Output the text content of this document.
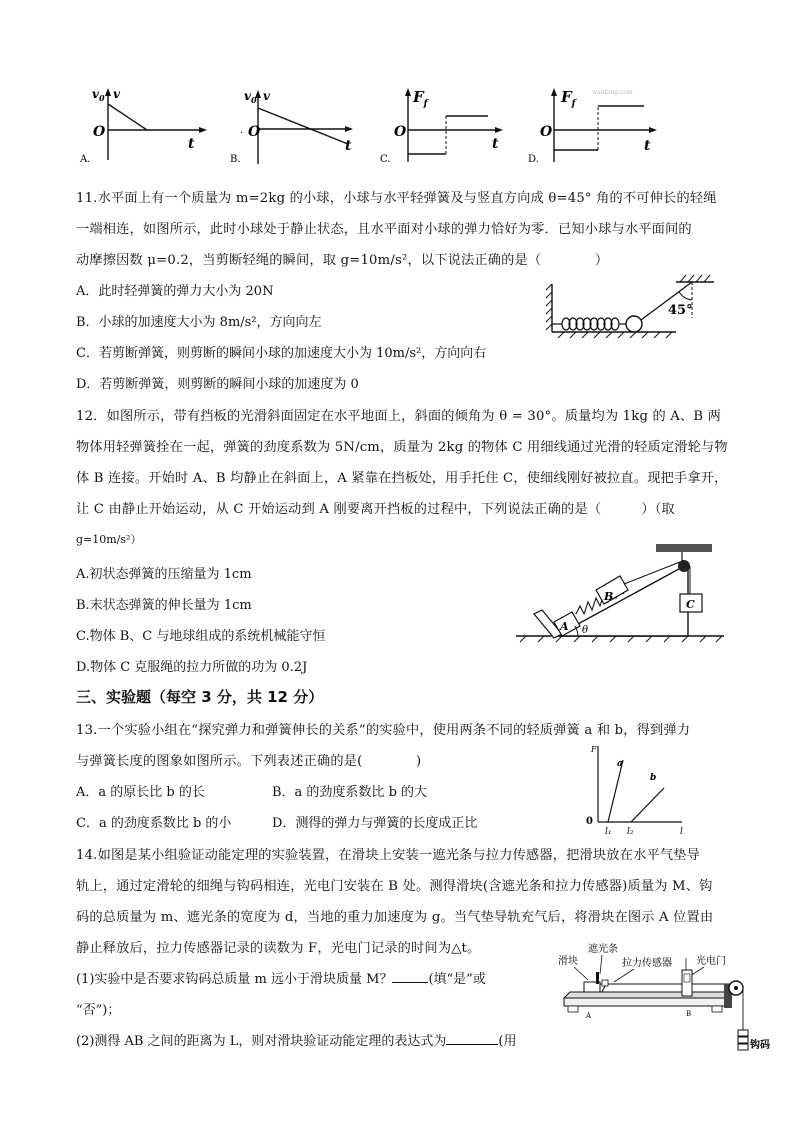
$v_0$ v
O
t
A.
$v_0$ v
O
·
t
B.
$F_f$
O
t
C.
$F_f$
O
t
D.
wanfang.com
11.水平面上有一个质量为 m=2kg 的小球，小球与水平轻弹簧及与竖直方向成 θ=45° 角的不可伸长的轻绳
一端相连，如图所示，此时小球处于静止状态，且水平面对小球的弹力恰好为零．已知小球与水平面间的
动摩擦因数 μ=0.2，当剪断轻绳的瞬间，取 g=10m/s²，以下说法正确的是（　　　　）
A．此时轻弹簧的弹力大小为 20N
B．小球的加速度大小为 8m/s²，方向向左
C．若剪断弹簧，则剪断的瞬间小球的加速度大小为 10m/s²，方向向右
D．若剪断弹簧，则剪断的瞬间小球的加速度为 0
45°
12．如图所示，带有挡板的光滑斜面固定在水平地面上，斜面的倾角为 θ = 30°。质量均为 1kg 的 A、B 两
物体用轻弹簧拴在一起，弹簧的劲度系数为 5N/cm，质量为 2kg 的物体 C 用细线通过光滑的轻质定滑轮与物
体 B 连接。开始时 A、B 均静止在斜面上，A 紧靠在挡板处，用手托住 C，使细线刚好被拉直。现把手拿开，
让 C 由静止开始运动，从 C 开始运动到 A 刚要离开挡板的过程中，下列说法正确的是（　　　）（取
g=10m/s²）
A.初状态弹簧的压缩量为 1cm
B.末状态弹簧的伸长量为 1cm
C.物体 B、C 与地球组成的系统机械能守恒
D.物体 C 克服绳的拉力所做的功为 0.2J
A
B
C
θ
三、实验题（每空 3 分，共 12 分）
13.一个实验小组在“探究弹力和弹簧伸长的关系”的实验中，使用两条不同的轻质弹簧 a 和 b，得到弹力
与弹簧长度的图象如图所示。下列表述正确的是(　　　　)
A．a 的原长比 b 的长	B．a 的劲度系数比 b 的大
C．a 的劲度系数比 b 的小	D．测得的弹力与弹簧的长度成正比
F
a
b
0
l₁ l₂	l
14.如图是某小组验证动能定理的实验装置，在滑块上安装一遮光条与拉力传感器，把滑块放在水平气垫导
轨上，通过定滑轮的细绳与钩码相连，光电门安装在 B 处。测得滑块(含遮光条和拉力传感器)质量为 M、钩
码的总质量为 m、遮光条的宽度为 d，当地的重力加速度为 g。当气垫导轨充气后，将滑块在图示 A 位置由
静止释放后，拉力传感器记录的读数为 F，光电门记录的时间为△t。
(1)实验中是否要求钩码总质量 m 远小于滑块质量 M？	(填“是”或
“否”)；
(2)测得 AB 之间的距离为 L，则对滑块验证动能定理的表达式为	(用
滑块
遮光条
拉力传感器 光电门
钩码
A	B
